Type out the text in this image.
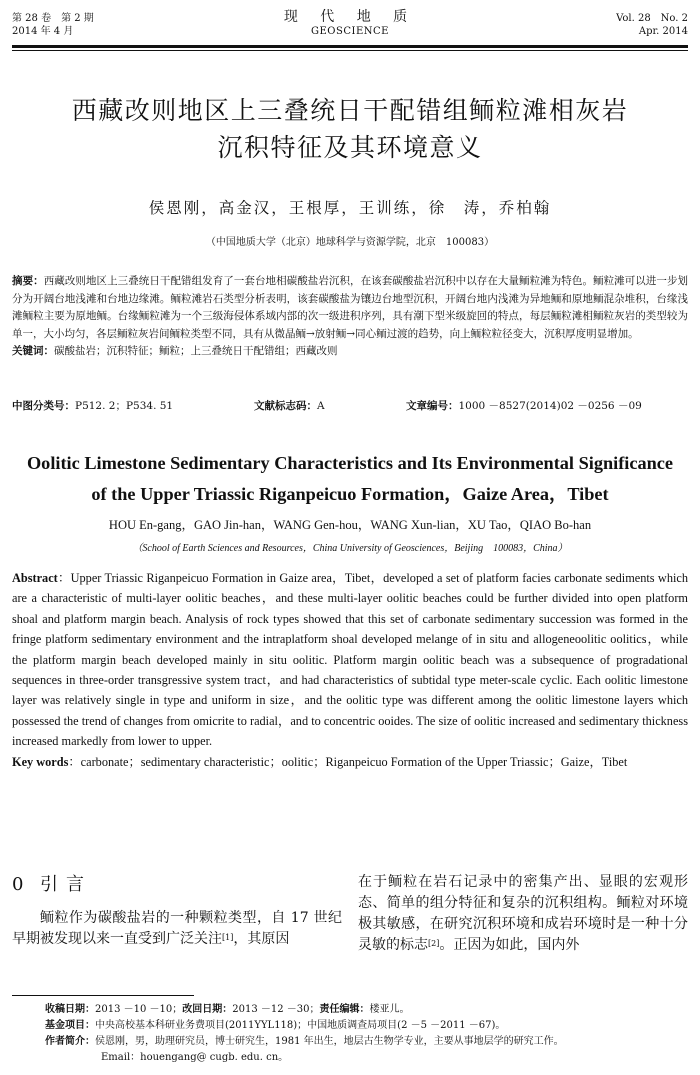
第 28 卷　第 2 期
2014 年 4 月
现 代 地 质
GEOSCIENCE
Vol. 28　No. 2
Apr. 2014
西藏改则地区上三叠统日干配错组鲕粒滩相灰岩
沉积特征及其环境意义
侯恩刚，高金汉，王根厚，王训练，徐　涛，乔柏翰
（中国地质大学（北京）地球科学与资源学院，北京　100083）
摘要：西藏改则地区上三叠统日干配错组发育了一套台地相碳酸盐岩沉积，在该套碳酸盐岩沉积中以存在大量鲕粒滩为特色。鲕粒滩可以进一步划分为开阔台地浅滩和台地边缘滩。鲕粒滩岩石类型分析表明，该套碳酸盐为镶边台地型沉积，开阔台地内浅滩为异地鲕和原地鲕混杂堆积，台缘浅滩鲕粒主要为原地鲕。台缘鲕粒滩为一个三级海侵体系域内部的次一级进积序列，具有潮下型米级旋回的特点，每层鲕粒滩相鲕粒灰岩的类型较为单一，大小均匀，各层鲕粒灰岩间鲕粒类型不同，具有从微晶鲕→放射鲕→同心鲕过渡的趋势，向上鲕粒粒径变大，沉积厚度明显增加。
关键词：碳酸盐岩；沉积特征；鲕粒；上三叠统日干配错组；西藏改则
中图分类号：P512. 2；P534. 51	文献标志码：A	文章编号：1000 －8527(2014)02 －0256 －09
Oolitic Limestone Sedimentary Characteristics and Its Environmental Significance
of the Upper Triassic Riganpeicuo Formation，Gaize Area，Tibet
HOU En-gang，GAO Jin-han，WANG Gen-hou，WANG Xun-lian，XU Tao，QIAO Bo-han
（School of Earth Sciences and Resources，China University of Geosciences，Beijing　100083，China）
Abstract：Upper Triassic Riganpeicuo Formation in Gaize area，Tibet，developed a set of platform facies carbonate sediments which are a characteristic of multi-layer oolitic beaches，and these multi-layer oolitic beaches could be further divided into open platform shoal and platform margin beach. Analysis of rock types showed that this set of carbonate sedimentary succession was formed in the fringe platform sedimentary environment and the intraplatform shoal developed melange of in situ and allogeneoolitic oolitics，while the platform margin beach developed mainly in situ oolitic. Platform margin oolitic beach was a subsequence of progradational sequences in three-order transgressive system tract，and had characteristics of subtidal type meter-scale cyclic. Each oolitic limestone layer was relatively single in type and uniform in size，and the oolitic type was different among the oolitic limestone layers which possessed the trend of changes from omicrite to radial，and to concentric ooides. The size of oolitic increased and sedimentary thickness increased markedly from lower to upper.
Key words：carbonate；sedimentary characteristic；oolitic；Riganpeicuo Formation of the Upper Triassic；Gaize，Tibet
0 引 言
鲕粒作为碳酸盐岩的一种颗粒类型，自 17 世纪早期被发现以来一直受到广泛关注[1]，其原因
在于鲕粒在岩石记录中的密集产出、显眼的宏观形态、简单的组分特征和复杂的沉积组构。鲕粒对环境极其敏感，在研究沉积环境和成岩环境时是一种十分灵敏的标志[2]。正因为如此，国内外
收稿日期：2013 －10 －10；改回日期：2013 －12 －30；责任编辑：楼亚儿。
基金项目：中央高校基本科研业务费项目(2011YYL118)；中国地质调查局项目(2 －5 －2011 －67)。
作者简介：侯恩刚，男，助理研究员，博士研究生，1981 年出生，地层古生物学专业，主要从事地层学的研究工作。
Email：houengang@ cugb. edu. cn。
